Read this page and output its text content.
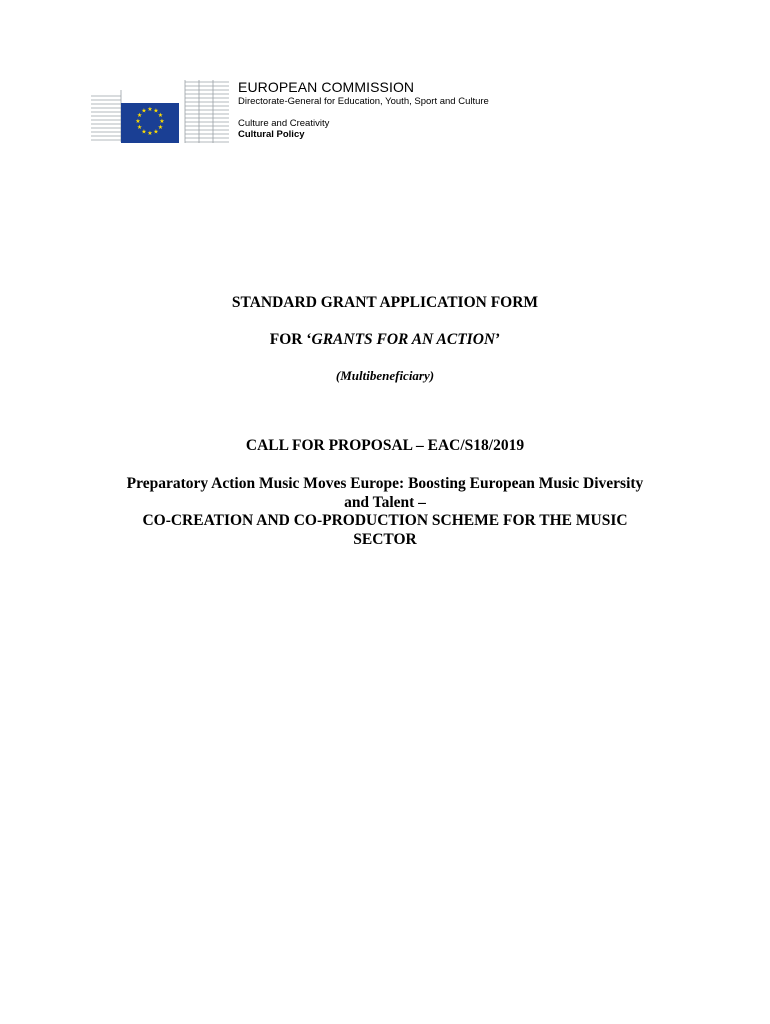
★ ★
★
★
★
★
★
★
★
★
★
★
EUROPEAN COMMISSION
Directorate-General for Education, Youth, Sport and Culture
Culture and Creativity
Cultural Policy
STANDARD GRANT APPLICATION FORM
FOR ‘GRANTS FOR AN ACTION’
(Multibeneficiary)
CALL FOR PROPOSAL – EAC/S18/2019
Preparatory Action Music Moves Europe: Boosting European Music Diversity
and Talent –
CO-CREATION AND CO-PRODUCTION SCHEME FOR THE MUSIC
SECTOR
